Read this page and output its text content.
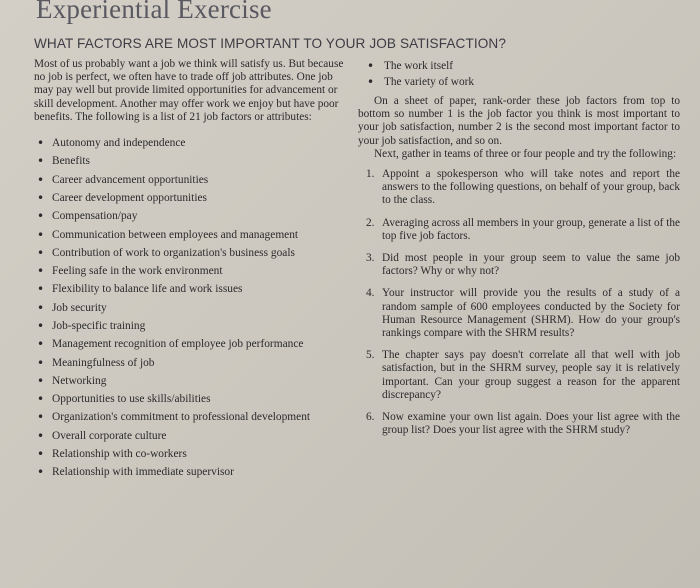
Experiential Exercise
WHAT FACTORS ARE MOST IMPORTANT TO YOUR JOB SATISFACTION?

Most of us probably want a job we think will satisfy us. But because no job is perfect, we often have to trade off job attributes. One job may pay well but provide limited opportunities for advancement or skill development. Another may offer work we enjoy but have poor benefits. The following is a list of 21 job factors or attributes:

• Autonomy and independence
• Benefits
• Career advancement opportunities
• Career development opportunities
• Compensation/pay
• Communication between employees and management
• Contribution of work to organization's business goals
• Feeling safe in the work environment
• Flexibility to balance life and work issues
• Job security
• Job-specific training
• Management recognition of employee job performance
• Meaningfulness of job
• Networking
• Opportunities to use skills/abilities
• Organization's commitment to professional development
• Overall corporate culture
• Relationship with co-workers
• Relationship with immediate supervisor
• The work itself
• The variety of work

On a sheet of paper, rank-order these job factors from top to bottom so number 1 is the job factor you think is most important to your job satisfaction, number 2 is the second most important factor to your job satisfaction, and so on.

Next, gather in teams of three or four people and try the following:

1. Appoint a spokesperson who will take notes and report the answers to the following questions, on behalf of your group, back to the class.
2. Averaging across all members in your group, generate a list of the top five job factors.
3. Did most people in your group seem to value the same job factors? Why or why not?
4. Your instructor will provide you the results of a study of a random sample of 600 employees conducted by the Society for Human Resource Management (SHRM). How do your group's rankings compare with the SHRM results?
5. The chapter says pay doesn't correlate all that well with job satisfaction, but in the SHRM survey, people say it is relatively important. Can your group suggest a reason for the apparent discrepancy?
6. Now examine your own list again. Does your list agree with the group list? Does your list agree with the SHRM study?
